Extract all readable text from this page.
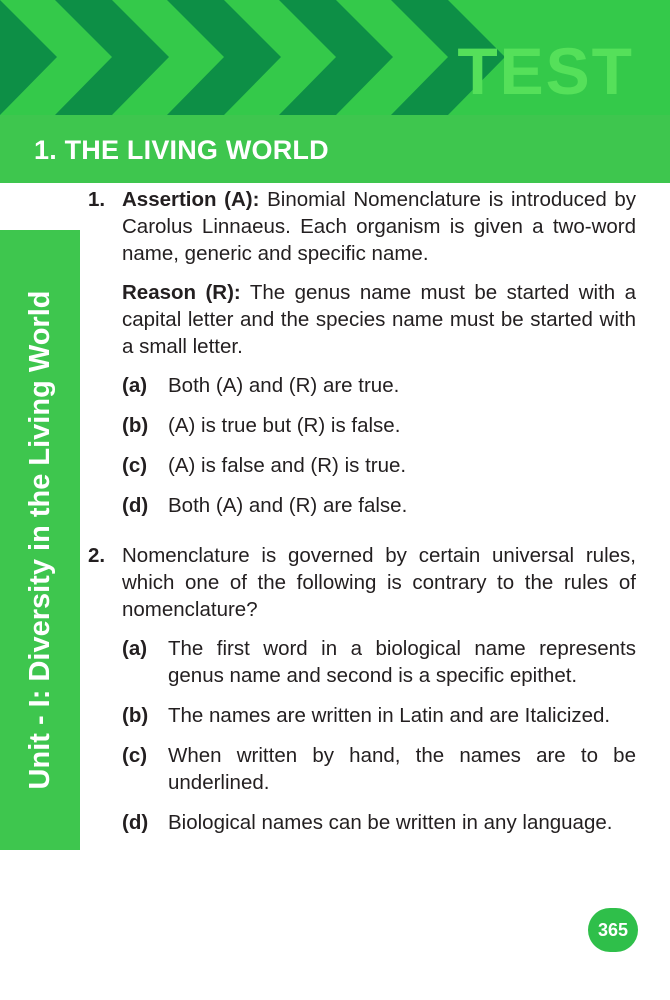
TEST
1. THE LIVING WORLD
Unit - I: Diversity in the Living World
1. Assertion (A): Binomial Nomenclature is introduced by Carolus Linnaeus. Each organism is given a two-word name, generic and specific name.

Reason (R): The genus name must be started with a capital letter and the species name must be started with a small letter.

(a)	Both (A) and (R) are true.
(b) (A) is true but (R) is false.
(c)	(A) is false and (R) is true.
(d) Both (A) and (R) are false.
2. Nomenclature is governed by certain universal rules, which one of the following is contrary to the rules of nomenclature?

(a)	The first word in a biological name represents genus name and second is a specific epithet.
(b) The names are written in Latin and are Italicized.
(c)	When written by hand, the names are to be underlined.
(d) Biological names can be written in any language.
365
